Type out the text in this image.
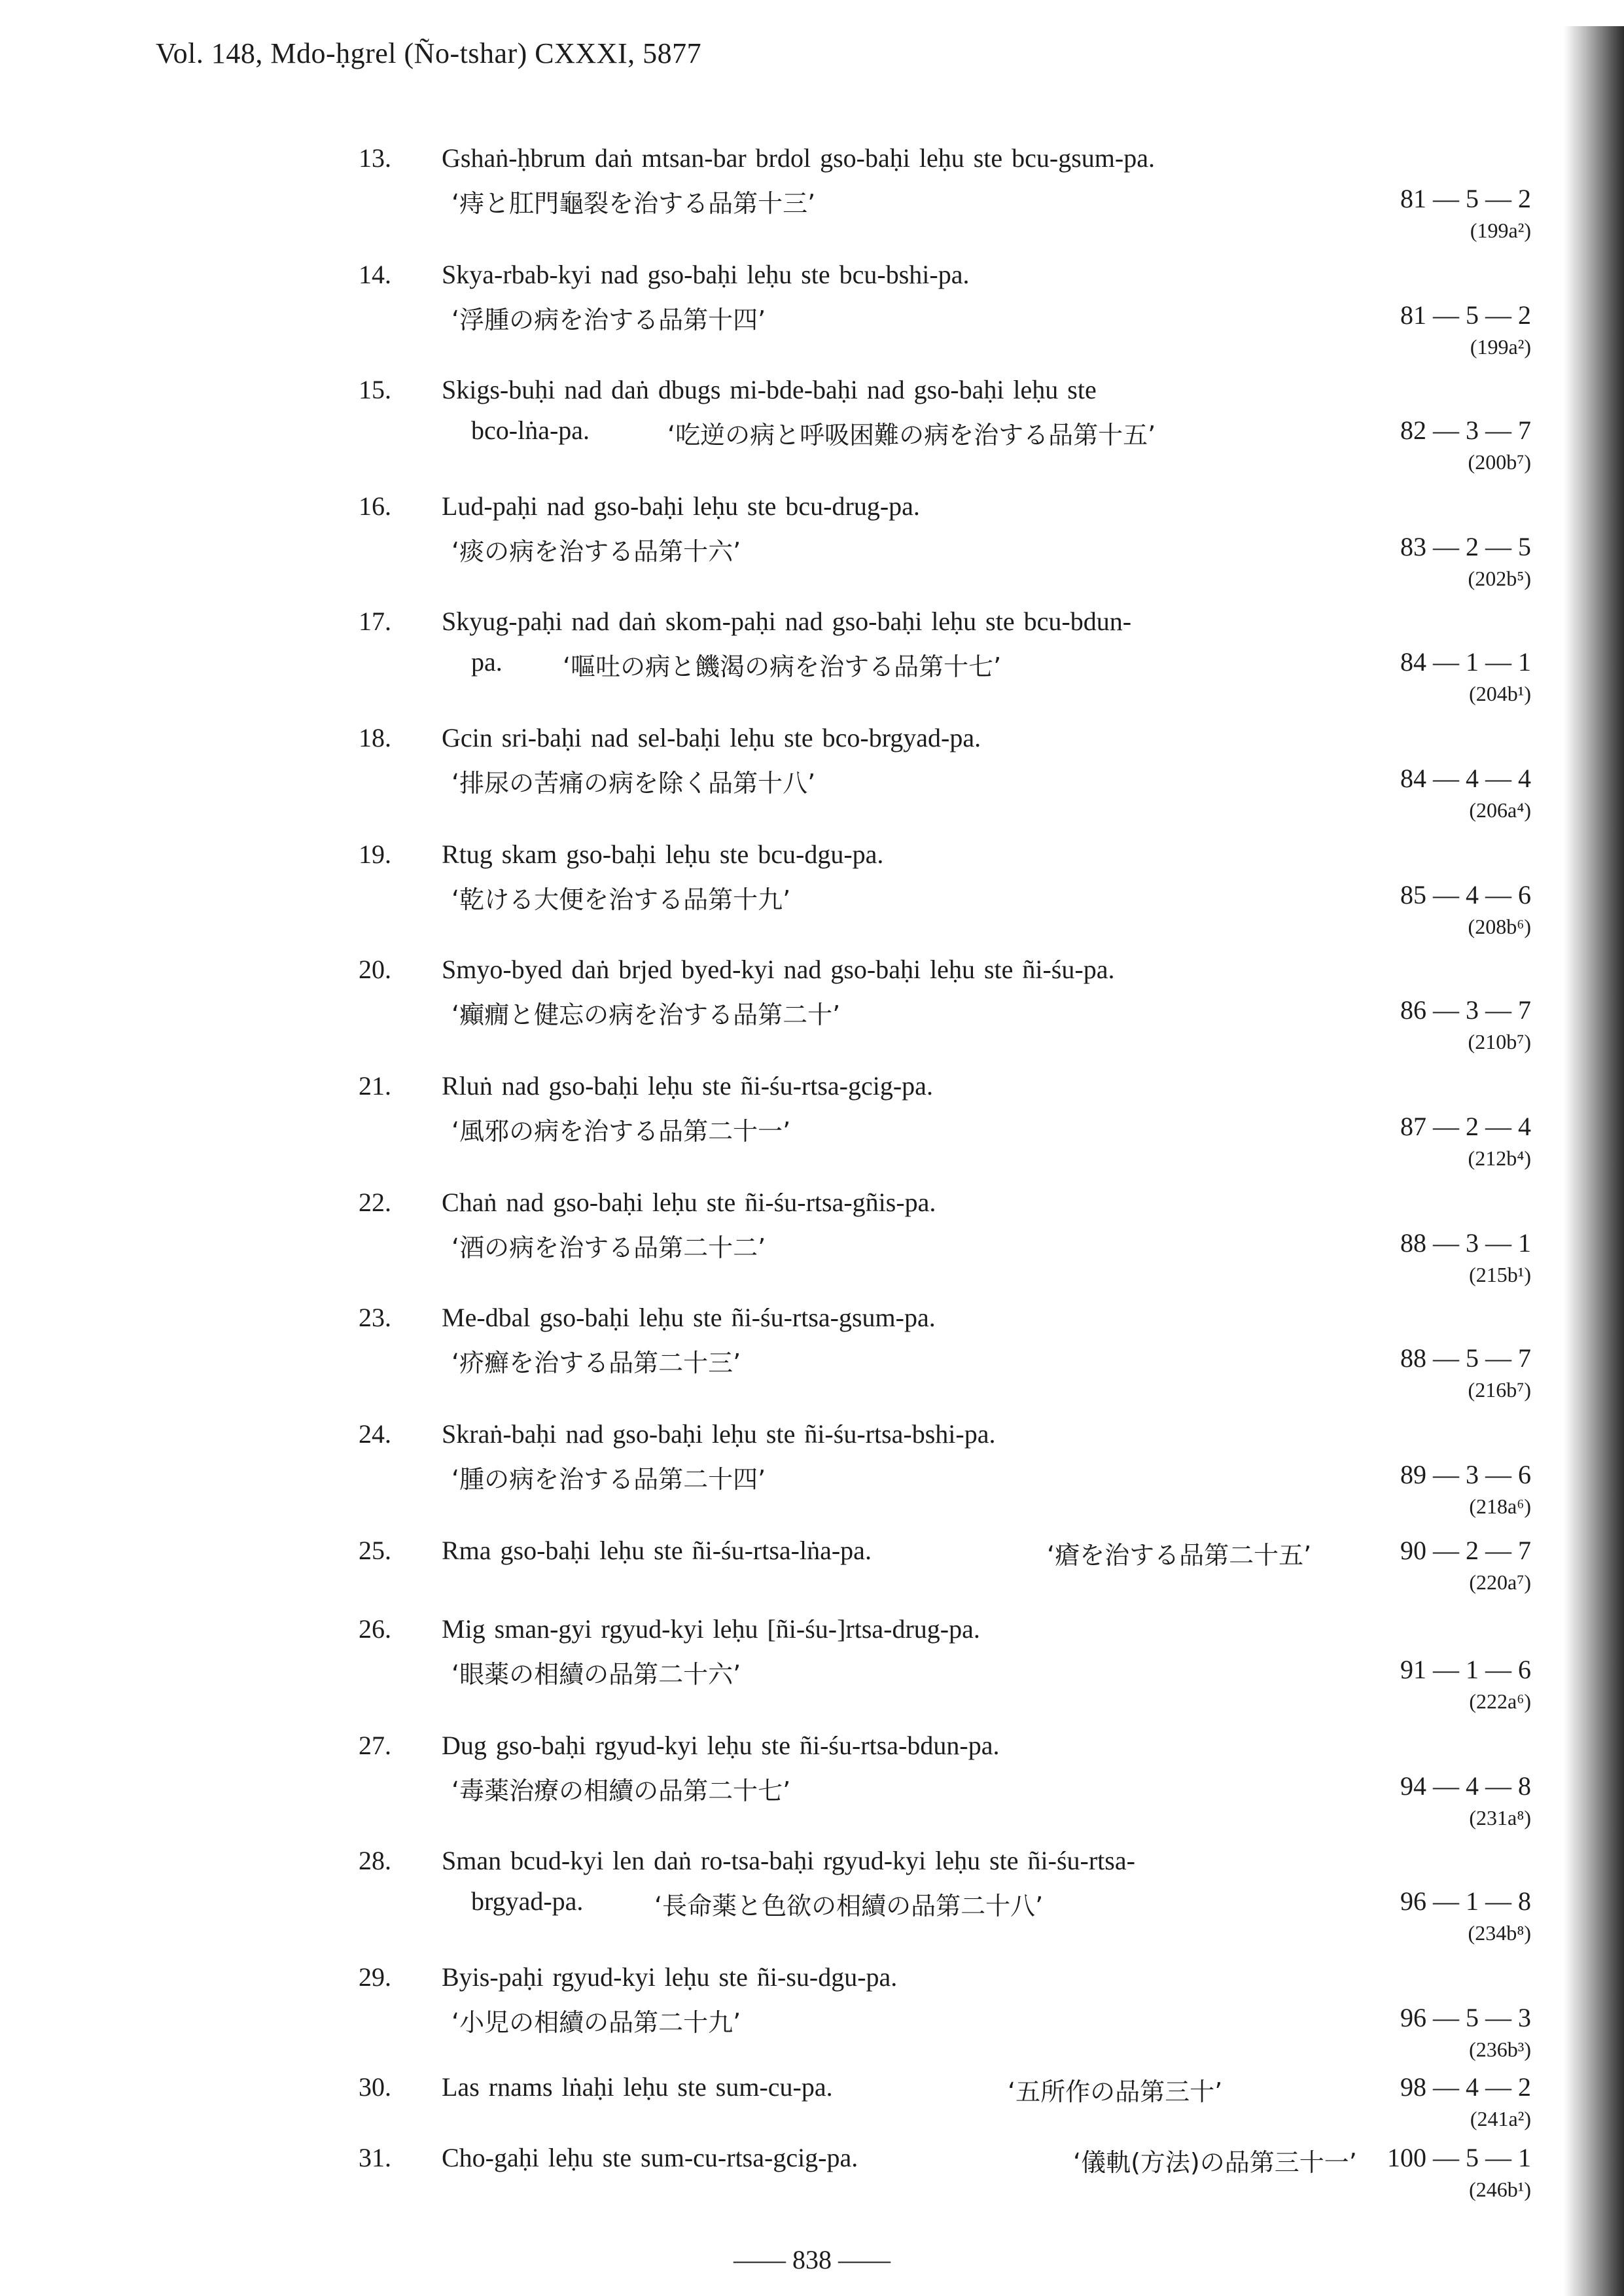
Vol. 148, Mdo-ḥgrel (Ño-tshar) CXXXI, 5877
13.	Gshaṅ-ḥbrum daṅ mtsan-bar brdol gso-baḥi leḥu ste bcu-gsum-pa.
‘痔と肛門龜裂を治する品第十三’	81 — 5 — 2
(199a²)
14.	Skya-rbab-kyi nad gso-baḥi leḥu ste bcu-bshi-pa.
‘浮腫の病を治する品第十四’	81 — 5 — 2
(199a²)
15.	Skigs-buḥi nad daṅ dbugs mi-bde-baḥi nad gso-baḥi leḥu ste
bco-lṅa-pa.	‘吃逆の病と呼吸困難の病を治する品第十五’	82 — 3 — 7
(200b⁷)
16.	Lud-paḥi nad gso-baḥi leḥu ste bcu-drug-pa.
‘痰の病を治する品第十六’	83 — 2 — 5
(202b⁵)
17.	Skyug-paḥi nad daṅ skom-paḥi nad gso-baḥi leḥu ste bcu-bdun-
pa. ‘嘔吐の病と饑渴の病を治する品第十七’	84 — 1 — 1
(204b¹)
18.	Gcin sri-baḥi nad sel-baḥi leḥu ste bco-brgyad-pa.
‘排尿の苦痛の病を除く品第十八’	84 — 4 — 4
(206a⁴)
19.	Rtug skam gso-baḥi leḥu ste bcu-dgu-pa.
‘乾ける大便を治する品第十九’	85 — 4 — 6
(208b⁶)
20.	Smyo-byed daṅ brjed byed-kyi nad gso-baḥi leḥu ste ñi-śu-pa.
‘癲癇と健忘の病を治する品第二十’	86 — 3 — 7
(210b⁷)
21.	Rluṅ nad gso-baḥi leḥu ste ñi-śu-rtsa-gcig-pa.
‘風邪の病を治する品第二十一’	87 — 2 — 4
(212b⁴)
22.	Chaṅ nad gso-baḥi leḥu ste ñi-śu-rtsa-gñis-pa.
‘酒の病を治する品第二十二’	88 — 3 — 1
(215b¹)
23.	Me-dbal gso-baḥi leḥu ste ñi-śu-rtsa-gsum-pa.
‘疥癬を治する品第二十三’	88 — 5 — 7
(216b⁷)
24.	Skraṅ-baḥi nad gso-baḥi leḥu ste ñi-śu-rtsa-bshi-pa.
‘腫の病を治する品第二十四’	89 — 3 — 6
(218a⁶)
25.	Rma gso-baḥi leḥu ste ñi-śu-rtsa-lṅa-pa.	‘瘡を治する品第二十五’	90 — 2 — 7
(220a⁷)
26.	Mig sman-gyi rgyud-kyi leḥu [ñi-śu-]rtsa-drug-pa.
‘眼薬の相續の品第二十六’	91 — 1 — 6
(222a⁶)
27.	Dug gso-baḥi rgyud-kyi leḥu ste ñi-śu-rtsa-bdun-pa.
‘毒薬治療の相續の品第二十七’	94 — 4 — 8
(231a⁸)
28.	Sman bcud-kyi len daṅ ro-tsa-baḥi rgyud-kyi leḥu ste ñi-śu-rtsa-
brgyad-pa.	‘長命薬と色欲の相續の品第二十八’	96 — 1 — 8
(234b⁸)
29.	Byis-paḥi rgyud-kyi leḥu ste ñi-su-dgu-pa.
‘小児の相續の品第二十九’	96 — 5 — 3
(236b³)
30.	Las rnams lṅaḥi leḥu ste sum-cu-pa.	‘五所作の品第三十’	98 — 4 — 2
(241a²)
31.	Cho-gaḥi leḥu ste sum-cu-rtsa-gcig-pa.	‘儀軌(方法)の品第三十一’ 100 — 5 — 1
(246b¹)
—— 838 ——
